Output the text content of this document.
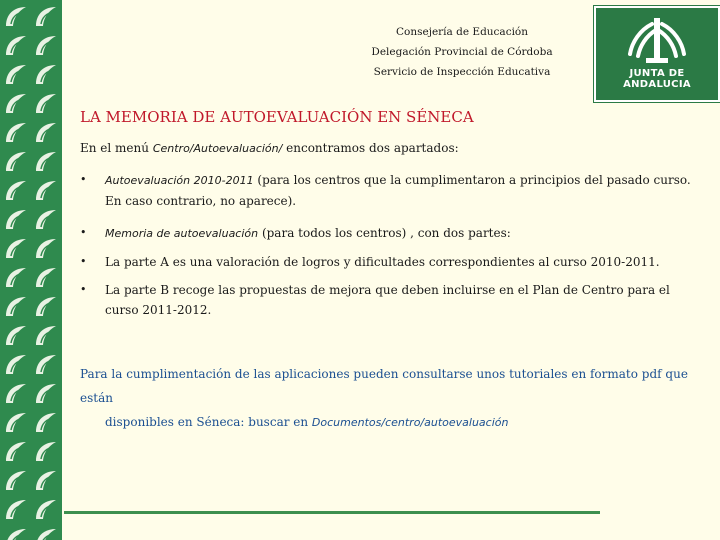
Consejería de Educación
Delegación Provincial de Córdoba
Servicio de Inspección Educativa	JUNTA DE ANDALUCIA
LA MEMORIA DE AUTOEVALUACIÓN EN SÉNECA
En el menú Centro/Autoevaluación/ encontramos dos apartados:
• Autoevaluación 2010-2011 (para los centros que la cumplimentaron a principios del pasado curso. En caso contrario, no aparece).
• Memoria de autoevaluación (para todos los centros) , con dos partes:
• La parte A es una valoración de logros y dificultades correspondientes al curso 2010-2011.
• La parte B recoge las propuestas de mejora que deben incluirse en el Plan de Centro para el curso 2011-2012.
Para la cumplimentación de las aplicaciones pueden consultarse unos tutoriales en formato pdf que están
disponibles en Séneca: buscar en Documentos/centro/autoevaluación
